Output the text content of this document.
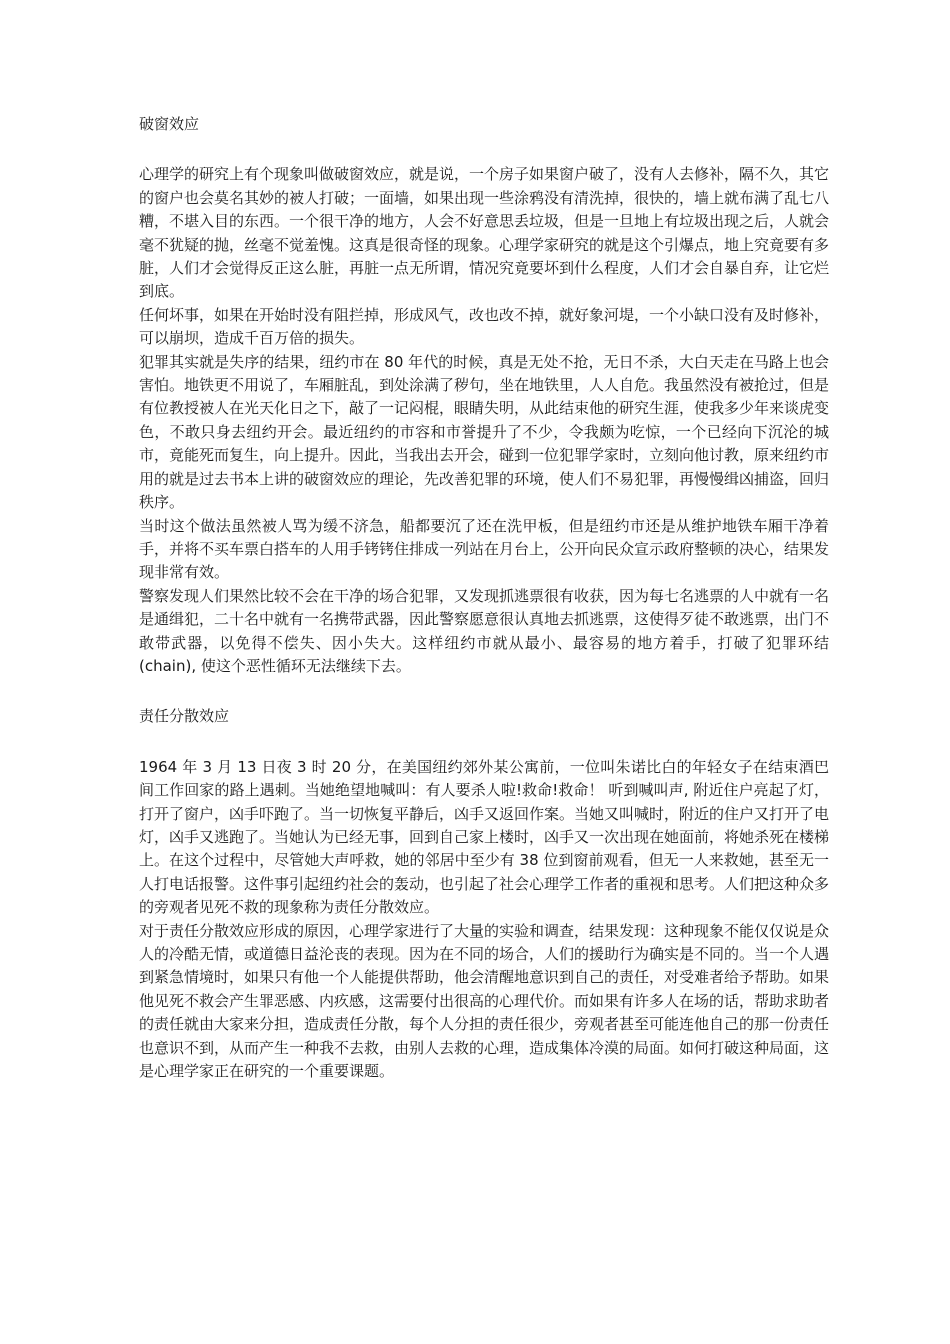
破窗效应

心理学的研究上有个现象叫做破窗效应，就是说，一个房子如果窗户破了，没有人去修补，隔不久，其它的窗户也会莫名其妙的被人打破；一面墙，如果出现一些涂鸦没有清洗掉，很快的，墙上就布满了乱七八糟，不堪入目的东西。一个很干净的地方，人会不好意思丢垃圾，但是一旦地上有垃圾出现之后，人就会毫不犹疑的抛，丝毫不觉羞愧。这真是很奇怪的现象。心理学家研究的就是这个引爆点，地上究竟要有多脏，人们才会觉得反正这么脏，再脏一点无所谓，情况究竟要坏到什么程度，人们才会自暴自弃，让它烂到底。

任何坏事，如果在开始时没有阻拦掉，形成风气，改也改不掉，就好象河堤，一个小缺口没有及时修补，可以崩坝，造成千百万倍的损失。

犯罪其实就是失序的结果，纽约市在 80 年代的时候，真是无处不抢，无日不杀，大白天走在马路上也会害怕。地铁更不用说了，车厢脏乱，到处涂满了秽句，坐在地铁里，人人自危。我虽然没有被抢过，但是有位教授被人在光天化日之下，敲了一记闷棍，眼睛失明，从此结束他的研究生涯，使我多少年来谈虎变色，不敢只身去纽约开会。最近纽约的市容和市誉提升了不少，令我颇为吃惊，一个已经向下沉沦的城市，竟能死而复生，向上提升。因此，当我出去开会，碰到一位犯罪学家时，立刻向他讨教，原来纽约市用的就是过去书本上讲的破窗效应的理论，先改善犯罪的环境，使人们不易犯罪，再慢慢缉凶捕盗，回归秩序。

当时这个做法虽然被人骂为缓不济急，船都要沉了还在洗甲板，但是纽约市还是从维护地铁车厢干净着手，并将不买车票白搭车的人用手铐铐住排成一列站在月台上，公开向民众宣示政府整顿的决心，结果发现非常有效。

警察发现人们果然比较不会在干净的场合犯罪，又发现抓逃票很有收获，因为每七名逃票的人中就有一名是通缉犯，二十名中就有一名携带武器，因此警察愿意很认真地去抓逃票，这使得歹徒不敢逃票，出门不敢带武器，以免得不偿失、因小失大。这样纽约市就从最小、最容易的地方着手，打破了犯罪环结(chain), 使这个恶性循环无法继续下去。

责任分散效应

1964 年 3 月 13 日夜 3 时 20 分，在美国纽约郊外某公寓前，一位叫朱诺比白的年轻女子在结束酒巴间工作回家的路上遇刺。当她绝望地喊叫：有人要杀人啦!救命!救命！ 听到喊叫声, 附近住户亮起了灯，打开了窗户，凶手吓跑了。当一切恢复平静后，凶手又返回作案。当她又叫喊时，附近的住户又打开了电灯，凶手又逃跑了。当她认为已经无事，回到自己家上楼时，凶手又一次出现在她面前，将她杀死在楼梯上。在这个过程中，尽管她大声呼救，她的邻居中至少有 38 位到窗前观看，但无一人来救她，甚至无一人打电话报警。这件事引起纽约社会的轰动，也引起了社会心理学工作者的重视和思考。人们把这种众多的旁观者见死不救的现象称为责任分散效应。

对于责任分散效应形成的原因，心理学家进行了大量的实验和调查，结果发现：这种现象不能仅仅说是众人的冷酷无情，或道德日益沦丧的表现。因为在不同的场合，人们的援助行为确实是不同的。当一个人遇到紧急情境时，如果只有他一个人能提供帮助，他会清醒地意识到自己的责任，对受难者给予帮助。如果他见死不救会产生罪恶感、内疚感，这需要付出很高的心理代价。而如果有许多人在场的话，帮助求助者的责任就由大家来分担，造成责任分散，每个人分担的责任很少，旁观者甚至可能连他自己的那一份责任也意识不到，从而产生一种我不去救，由别人去救的心理，造成集体冷漠的局面。如何打破这种局面，这是心理学家正在研究的一个重要课题。
